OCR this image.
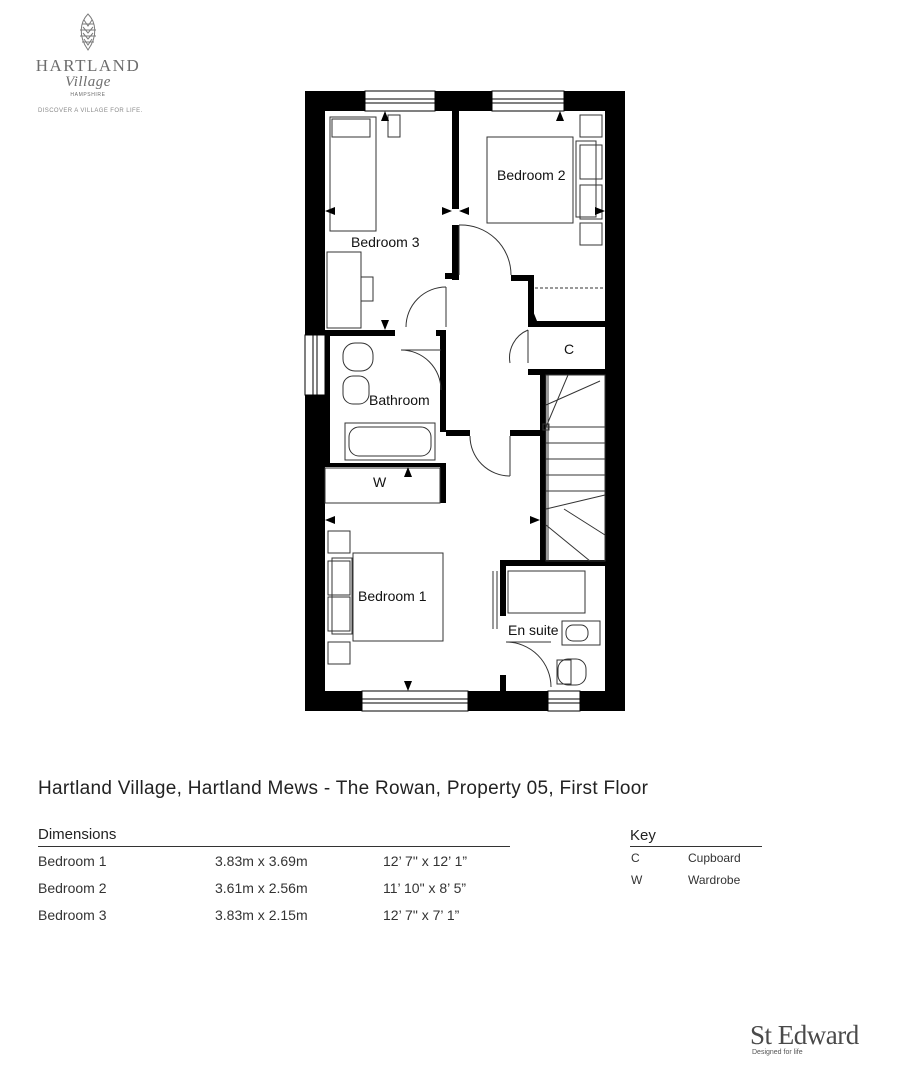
HARTLAND
Village
HAMPSHIRE
DISCOVER A VILLAGE FOR LIFE.
Bedroom 3
Bedroom 2
Bedroom 1
Bathroom
En suite
C
W
Hartland Village, Hartland Mews - The Rowan, Property 05, First Floor
Dimensions
Bedroom 1	3.83m x 3.69m	12’ 7" x 12’ 1”
Bedroom 2	3.61m x 2.56m	11’ 10" x 8’ 5”
Bedroom 3	3.83m x 2.15m	12’ 7" x 7’ 1”
Key
C	Cupboard
W	Wardrobe
St Edward
Designed for life
